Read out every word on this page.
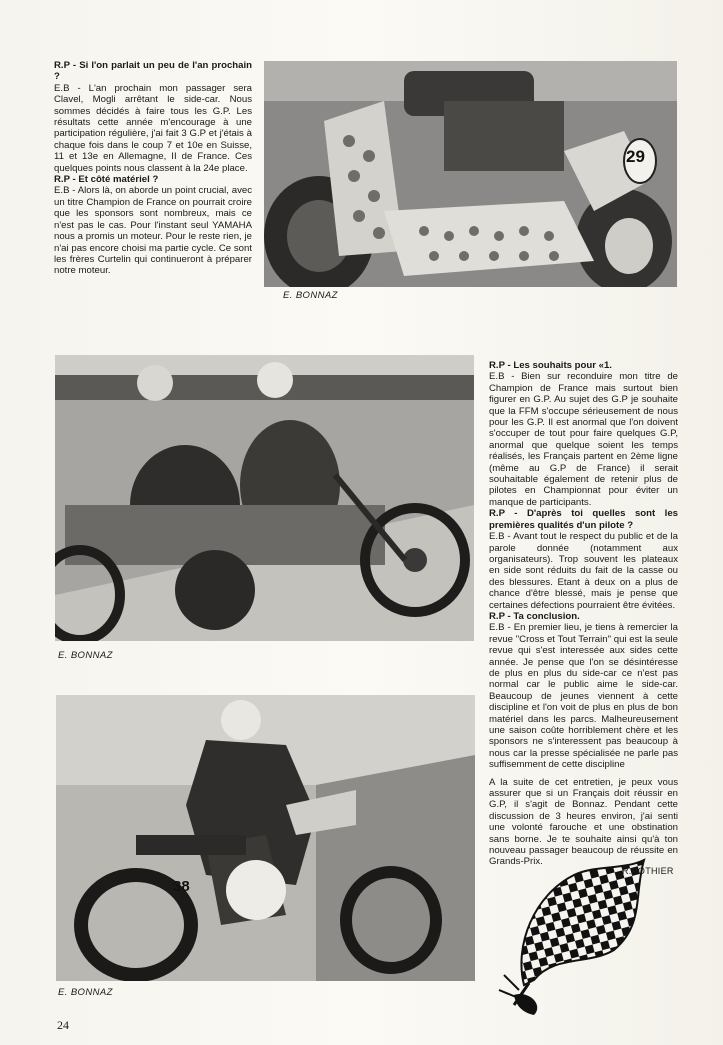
R.P - Si l'on parlait un peu de l'an prochain ?

E.B - L'an prochain mon passager sera Clavel, Mogli arrêtant le side-car. Nous sommes décidés à faire tous les G.P. Les résultats cette année m'encourage à une participation régulière, j'ai fait 3 G.P et j'étais à chaque fois dans le coup 7 et 10e en Suisse, 11 et 13e en Allemagne, II de France. Ces quelques points nous classent à la 24e place.

R.P - Et côté matériel ?

E.B - Alors là, on aborde un point crucial, avec un titre Champion de France on pourrait croire que les sponsors sont nombreux, mais ce n'est pas le cas. Pour l'instant seul YAMAHA nous a promis un moteur. Pour le reste rien, je n'ai pas encore choisi ma partie cycle. Ce sont les frères Curtelin qui continueront à préparer notre moteur.

29
E. BONNAZ
E. BONNAZ
38
E. BONNAZ

R.P - Les souhaits pour «1.

E.B - Bien sur reconduire mon titre de Champion de France mais surtout bien figurer en G.P. Au sujet des G.P je souhaite que la FFM s'occupe sérieusement de nous pour les G.P. Il est anormal que l'on doivent s'occuper de tout pour faire quelques G.P, anormal que quelque soient les temps réalisés, les Français partent en 2ème ligne (même au G.P de France) il serait souhaitable également de retenir plus de pilotes en Championnat pour éviter un manque de participants.

R.P - D'après toi quelles sont les premières qualités d'un pilote ?

E.B - Avant tout le respect du public et de la parole donnée (notamment aux organisateurs). Trop souvent les plateaux en side sont réduits du fait de la casse ou des blessures. Etant à deux on a plus de chance d'être blessé, mais je pense que certaines défections pourraient être évitées.

R.P - Ta conclusion.

E.B - En premier lieu, je tiens à remercier la revue "Cross et Tout Terrain" qui est la seule revue qui s'est interessée aux sides cette année. Je pense que l'on se désintéresse de plus en plus du side-car ce n'est pas normal car le public aime le side-car. Beaucoup de jeunes viennent à cette discipline et l'on voit de plus en plus de bon matériel dans les parcs. Malheureusement une saison coûte horriblement chère et les sponsors ne s'interessent pas beaucoup à nous car la presse spécialisée ne parle pas suffisemment de cette discipline

A la suite de cet entretien, je peux vous assurer que si un Français doit réussir en G.P, il s'agit de Bonnaz. Pendant cette discussion de 3 heures environ, j'ai senti une volonté farouche et une obstination sans borne. Je te souhaite ainsi qu'à ton nouveau passager beaucoup de réussite en Grands-Prix.

R.POTHIER
24
